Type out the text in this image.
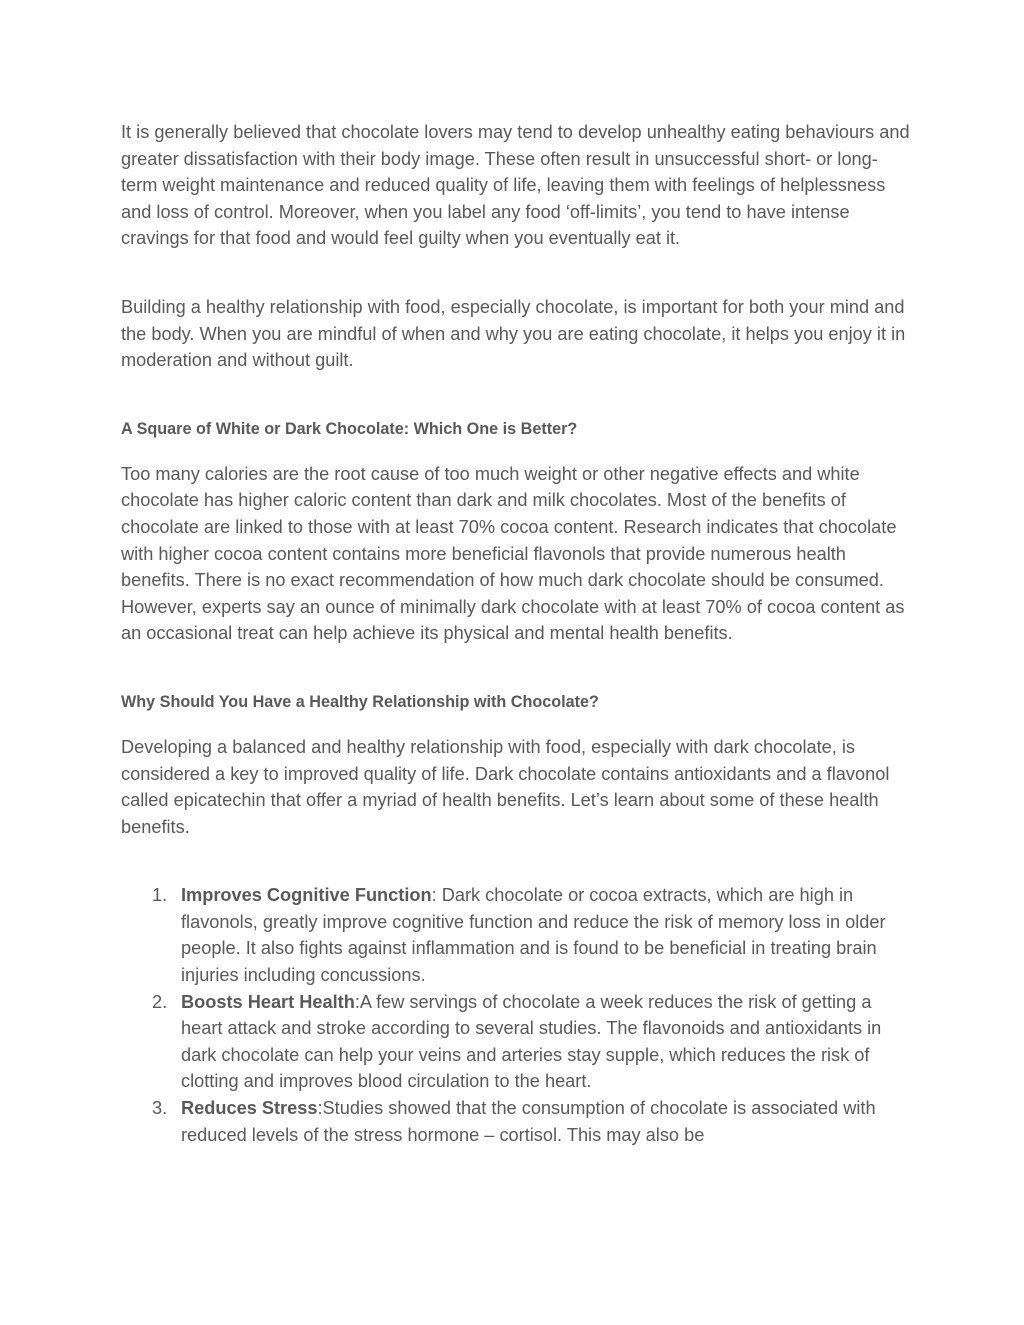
It is generally believed that chocolate lovers may tend to develop unhealthy eating behaviours and greater dissatisfaction with their body image. These often result in unsuccessful short- or long-term weight maintenance and reduced quality of life, leaving them with feelings of helplessness and loss of control. Moreover, when you label any food ‘off-limits’, you tend to have intense cravings for that food and would feel guilty when you eventually eat it.

Building a healthy relationship with food, especially chocolate, is important for both your mind and the body. When you are mindful of when and why you are eating chocolate, it helps you enjoy it in moderation and without guilt.

A Square of White or Dark Chocolate: Which One is Better?

Too many calories are the root cause of too much weight or other negative effects and white chocolate has higher caloric content than dark and milk chocolates. Most of the benefits of chocolate are linked to those with at least 70% cocoa content. Research indicates that chocolate with higher cocoa content contains more beneficial flavonols that provide numerous health benefits. There is no exact recommendation of how much dark chocolate should be consumed. However, experts say an ounce of minimally dark chocolate with at least 70% of cocoa content as an occasional treat can help achieve its physical and mental health benefits.

Why Should You Have a Healthy Relationship with Chocolate?

Developing a balanced and healthy relationship with food, especially with dark chocolate, is considered a key to improved quality of life. Dark chocolate contains antioxidants and a flavonol called epicatechin that offer a myriad of health benefits. Let’s learn about some of these health benefits.

1. Improves Cognitive Function: Dark chocolate or cocoa extracts, which are high in flavonols, greatly improve cognitive function and reduce the risk of memory loss in older people. It also fights against inflammation and is found to be beneficial in treating brain injuries including concussions.
2. Boosts Heart Health:A few servings of chocolate a week reduces the risk of getting a heart attack and stroke according to several studies. The flavonoids and antioxidants in dark chocolate can help your veins and arteries stay supple, which reduces the risk of clotting and improves blood circulation to the heart.
3. Reduces Stress:Studies showed that the consumption of chocolate is associated with reduced levels of the stress hormone – cortisol. This may also be
